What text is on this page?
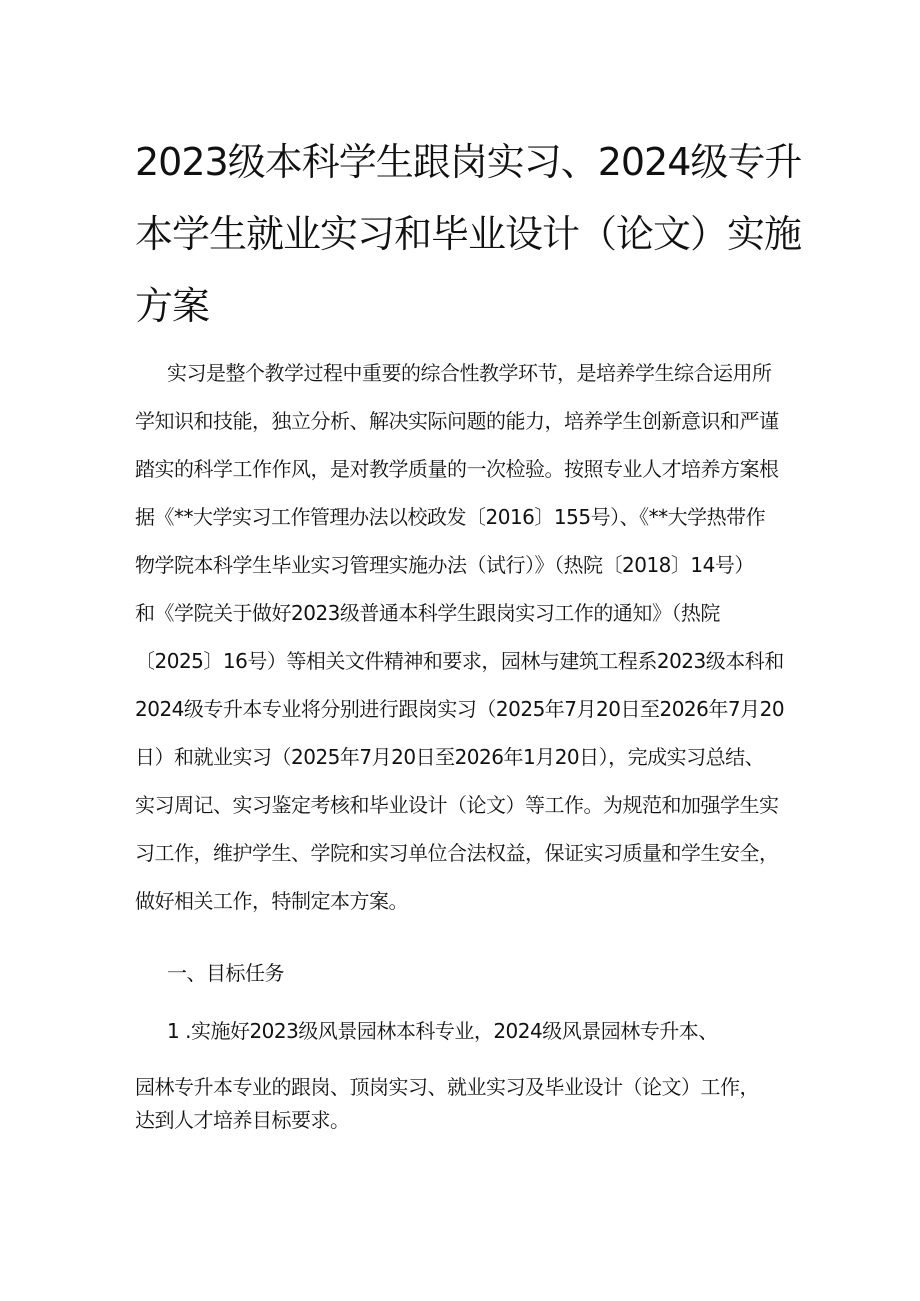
2023级本科学生跟岗实习、2024级专升
本学生就业实习和毕业设计（论文）实施
方案
实习是整个教学过程中重要的综合性教学环节，是培养学生综合运用所
学知识和技能，独立分析、解决实际问题的能力，培养学生创新意识和严谨
踏实的科学工作作风，是对教学质量的一次检验。按照专业人才培养方案根
据《**大学实习工作管理办法以校政发〔2016〕155号）、《**大学热带作
物学院本科学生毕业实习管理实施办法（试行）》（热院〔2018〕14号）
和《学院关于做好2023级普通本科学生跟岗实习工作的通知》（热院
〔2025〕16号）等相关文件精神和要求，园林与建筑工程系2023级本科和
2024级专升本专业将分别进行跟岗实习（2025年7月20日至2026年7月20
日）和就业实习（2025年7月20日至2026年1月20日），完成实习总结、
实习周记、实习鉴定考核和毕业设计（论文）等工作。为规范和加强学生实
习工作，维护学生、学院和实习单位合法权益，保证实习质量和学生安全，
做好相关工作，特制定本方案。
一、目标任务
1 .实施好2023级风景园林本科专业，2024级风景园林专升本、
园林专升本专业的跟岗、顶岗实习、就业实习及毕业设计（论文）工作，
达到人才培养目标要求。
